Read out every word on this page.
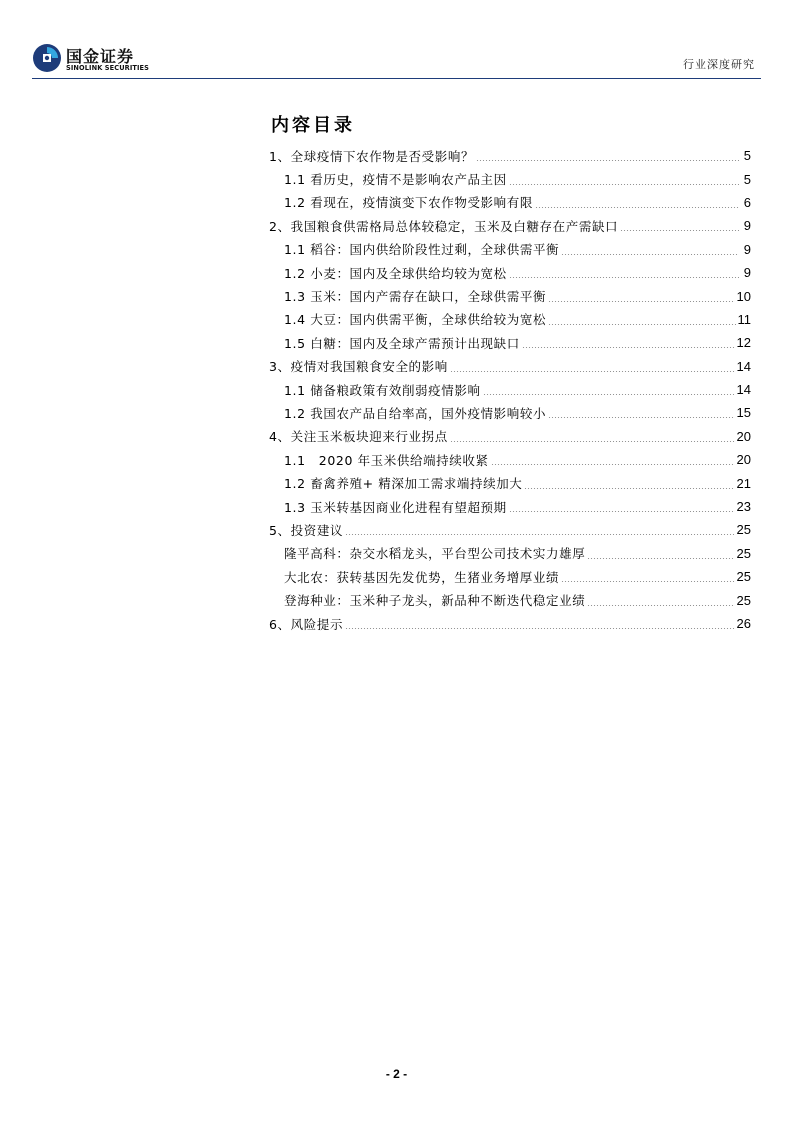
国金证券
SINOLINK SECURITIES	行业深度研究
内容目录
1、全球疫情下农作物是否受影响？	5
1.1 看历史，疫情不是影响农产品主因	5
1.2 看现在，疫情演变下农作物受影响有限	6
2、我国粮食供需格局总体较稳定，玉米及白糖存在产需缺口	9
1.1 稻谷：国内供给阶段性过剩，全球供需平衡	9
1.2 小麦：国内及全球供给均较为宽松	9
1.3 玉米：国内产需存在缺口，全球供需平衡	10
1.4 大豆：国内供需平衡，全球供给较为宽松	11
1.5 白糖：国内及全球产需预计出现缺口	12
3、疫情对我国粮食安全的影响	14
1.1 储备粮政策有效削弱疫情影响	14
1.2 我国农产品自给率高，国外疫情影响较小	15
4、关注玉米板块迎来行业拐点	20
1.1　2020 年玉米供给端持续收紧	20
1.2 畜禽养殖+ 精深加工需求端持续加大	21
1.3 玉米转基因商业化进程有望超预期	23
5、投资建议	25
隆平高科：杂交水稻龙头，平台型公司技术实力雄厚	25
大北农：获转基因先发优势，生猪业务增厚业绩	25
登海种业：玉米种子龙头，新品种不断迭代稳定业绩	25
6、风险提示	26
- 2 -
